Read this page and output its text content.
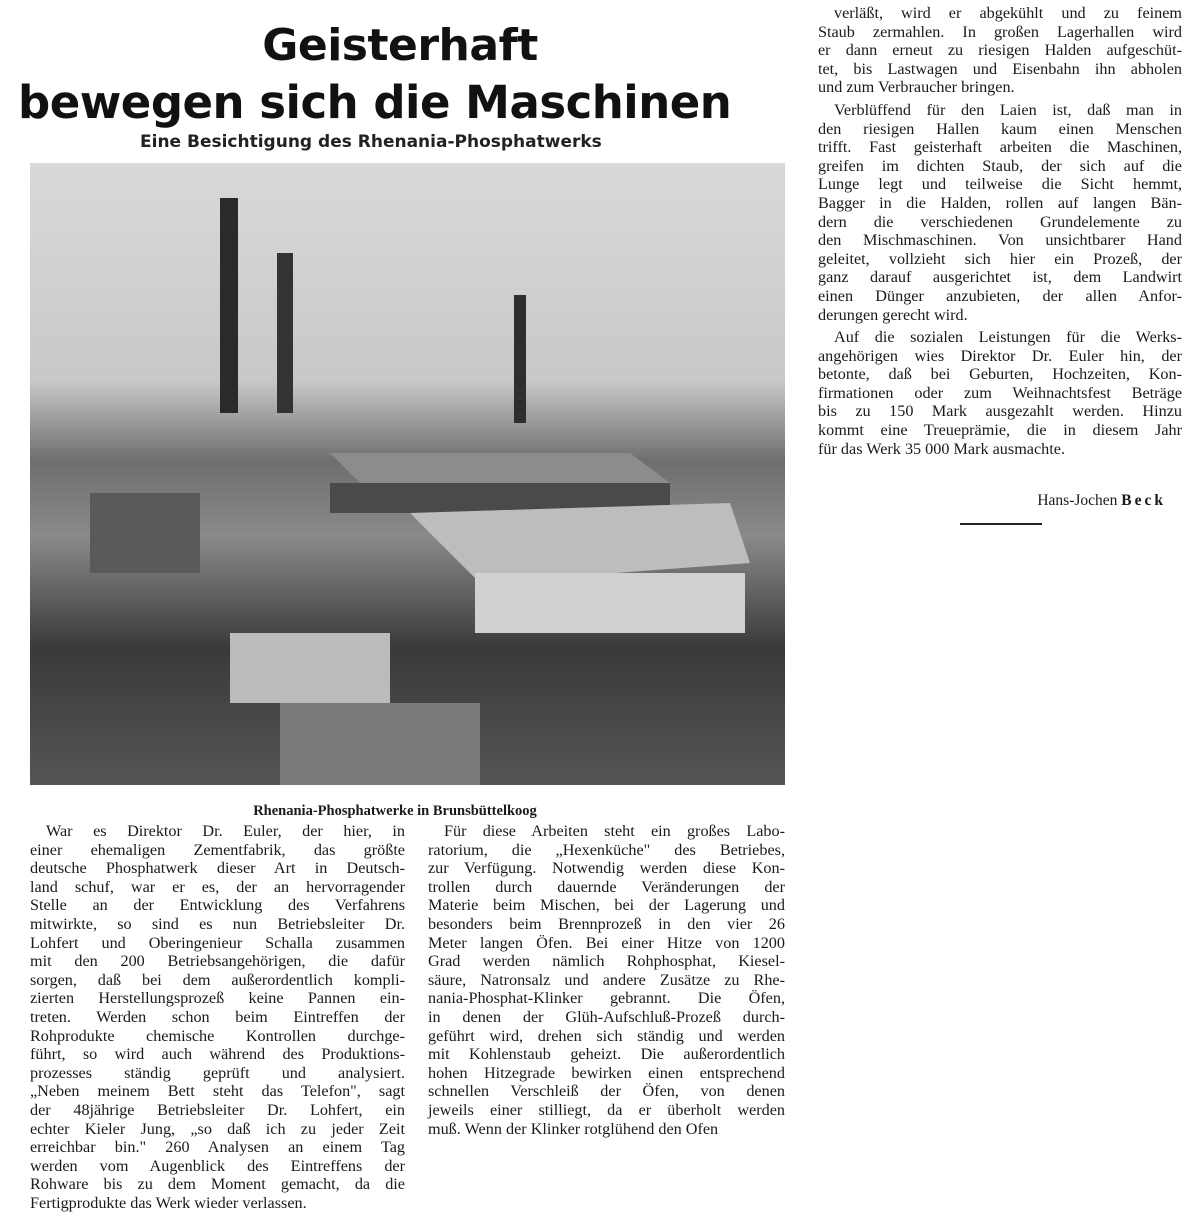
Geisterhaft
bewegen sich die Maschinen
Eine Besichtigung des Rhenania-Phosphatwerks
Rhenania-Phosphatwerke in Brunsbüttelkoog
War es Direktor Dr. Euler, der hier, in
einer ehemaligen Zementfabrik, das größte
deutsche Phosphatwerk dieser Art in Deutsch-
land schuf, war er es, der an hervorragender
Stelle an der Entwicklung des Verfahrens
mitwirkte, so sind es nun Betriebsleiter Dr.
Lohfert und Oberingenieur Schalla zusammen
mit den 200 Betriebsangehörigen, die dafür
sorgen, daß bei dem außerordentlich kompli-
zierten Herstellungsprozeß keine Pannen ein-
treten. Werden schon beim Eintreffen der
Rohprodukte chemische Kontrollen durchge-
führt, so wird auch während des Produktions-
prozesses ständig geprüft und analysiert.
„Neben meinem Bett steht das Telefon", sagt
der 48jährige Betriebsleiter Dr. Lohfert, ein
echter Kieler Jung, „so daß ich zu jeder Zeit
erreichbar bin." 260 Analysen an einem Tag
werden vom Augenblick des Eintreffens der
Rohware bis zu dem Moment gemacht, da die
Fertigprodukte das Werk wieder verlassen.
Für diese Arbeiten steht ein großes Labo-
ratorium, die „Hexenküche" des Betriebes,
zur Verfügung. Notwendig werden diese Kon-
trollen durch dauernde Veränderungen der
Materie beim Mischen, bei der Lagerung und
besonders beim Brennprozeß in den vier 26
Meter langen Öfen. Bei einer Hitze von 1200
Grad werden nämlich Rohphosphat, Kiesel-
säure, Natronsalz und andere Zusätze zu Rhe-
nania-Phosphat-Klinker gebrannt. Die Öfen,
in denen der Glüh-Aufschluß-Prozeß durch-
geführt wird, drehen sich ständig und werden
mit Kohlenstaub geheizt. Die außerordentlich
hohen Hitzegrade bewirken einen entsprechend
schnellen Verschleiß der Öfen, von denen
jeweils einer stilliegt, da er überholt werden
muß. Wenn der Klinker rotglühend den Ofen
verläßt, wird er abgekühlt und zu feinem
Staub zermahlen. In großen Lagerhallen wird
er dann erneut zu riesigen Halden aufgeschüt-
tet, bis Lastwagen und Eisenbahn ihn abholen
und zum Verbraucher bringen.
Verblüffend für den Laien ist, daß man in
den riesigen Hallen kaum einen Menschen
trifft. Fast geisterhaft arbeiten die Maschinen,
greifen im dichten Staub, der sich auf die
Lunge legt und teilweise die Sicht hemmt,
Bagger in die Halden, rollen auf langen Bän-
dern die verschiedenen Grundelemente zu
den Mischmaschinen. Von unsichtbarer Hand
geleitet, vollzieht sich hier ein Prozeß, der
ganz darauf ausgerichtet ist, dem Landwirt
einen Dünger anzubieten, der allen Anfor-
derungen gerecht wird.
Auf die sozialen Leistungen für die Werks-
angehörigen wies Direktor Dr. Euler hin, der
betonte, daß bei Geburten, Hochzeiten, Kon-
firmationen oder zum Weihnachtsfest Beträge
bis zu 150 Mark ausgezahlt werden. Hinzu
kommt eine Treueprämie, die in diesem Jahr
für das Werk 35 000 Mark ausmachte.
Hans-Jochen Beck
